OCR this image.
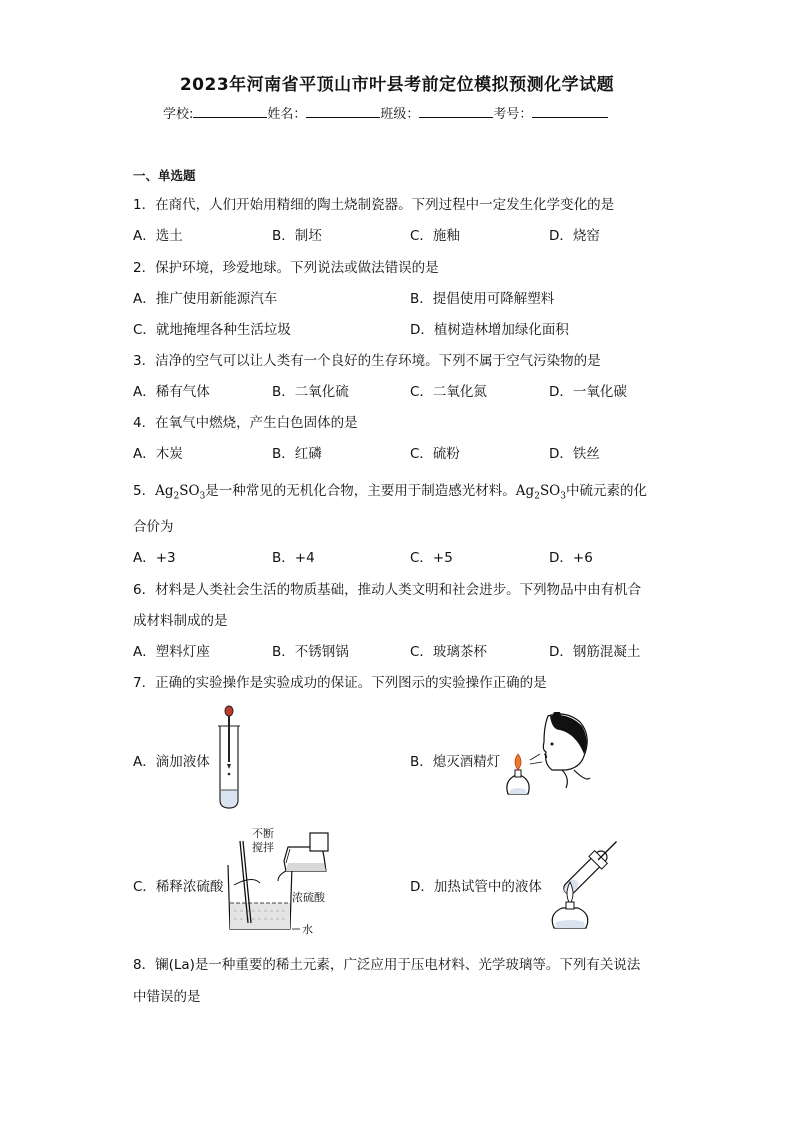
2023年河南省平顶山市叶县考前定位模拟预测化学试题
学校:	姓名：	班级：	考号：
一、单选题
1．在商代，人们开始用精细的陶土烧制瓷器。下列过程中一定发生化学变化的是
A．选土	B．制坯	C．施釉	D．烧窑
2．保护环境，珍爱地球。下列说法或做法错误的是
A．推广使用新能源汽车	B．提倡使用可降解塑料
C．就地掩埋各种生活垃圾	D．植树造林增加绿化面积
3．洁净的空气可以让人类有一个良好的生存环境。下列不属于空气污染物的是
A．稀有气体	B．二氧化硫	C．二氧化氮	D．一氧化碳
4．在氧气中燃烧，产生白色固体的是
A．木炭	B．红磷	C．硫粉	D．铁丝
5．$Ag_2SO_3$是一种常见的无机化合物，主要用于制造感光材料。$Ag_2SO_3$中硫元素的化
合价为
A．+3	B．+4	C．+5	D．+6
6．材料是人类社会生活的物质基础，推动人类文明和社会进步。下列物品中由有机合
成材料制成的是
A．塑料灯座	B．不锈钢锅	C．玻璃茶杯	D．钢筋混凝土
7．正确的实验操作是实验成功的保证。下列图示的实验操作正确的是
A．滴加液体	B．熄灭酒精灯
C．稀释浓硫酸	D．加热试管中的液体
不断
搅拌
浓硫酸
水
8．镧(La)是一种重要的稀土元素，广泛应用于压电材料、光学玻璃等。下列有关说法
中错误的是
